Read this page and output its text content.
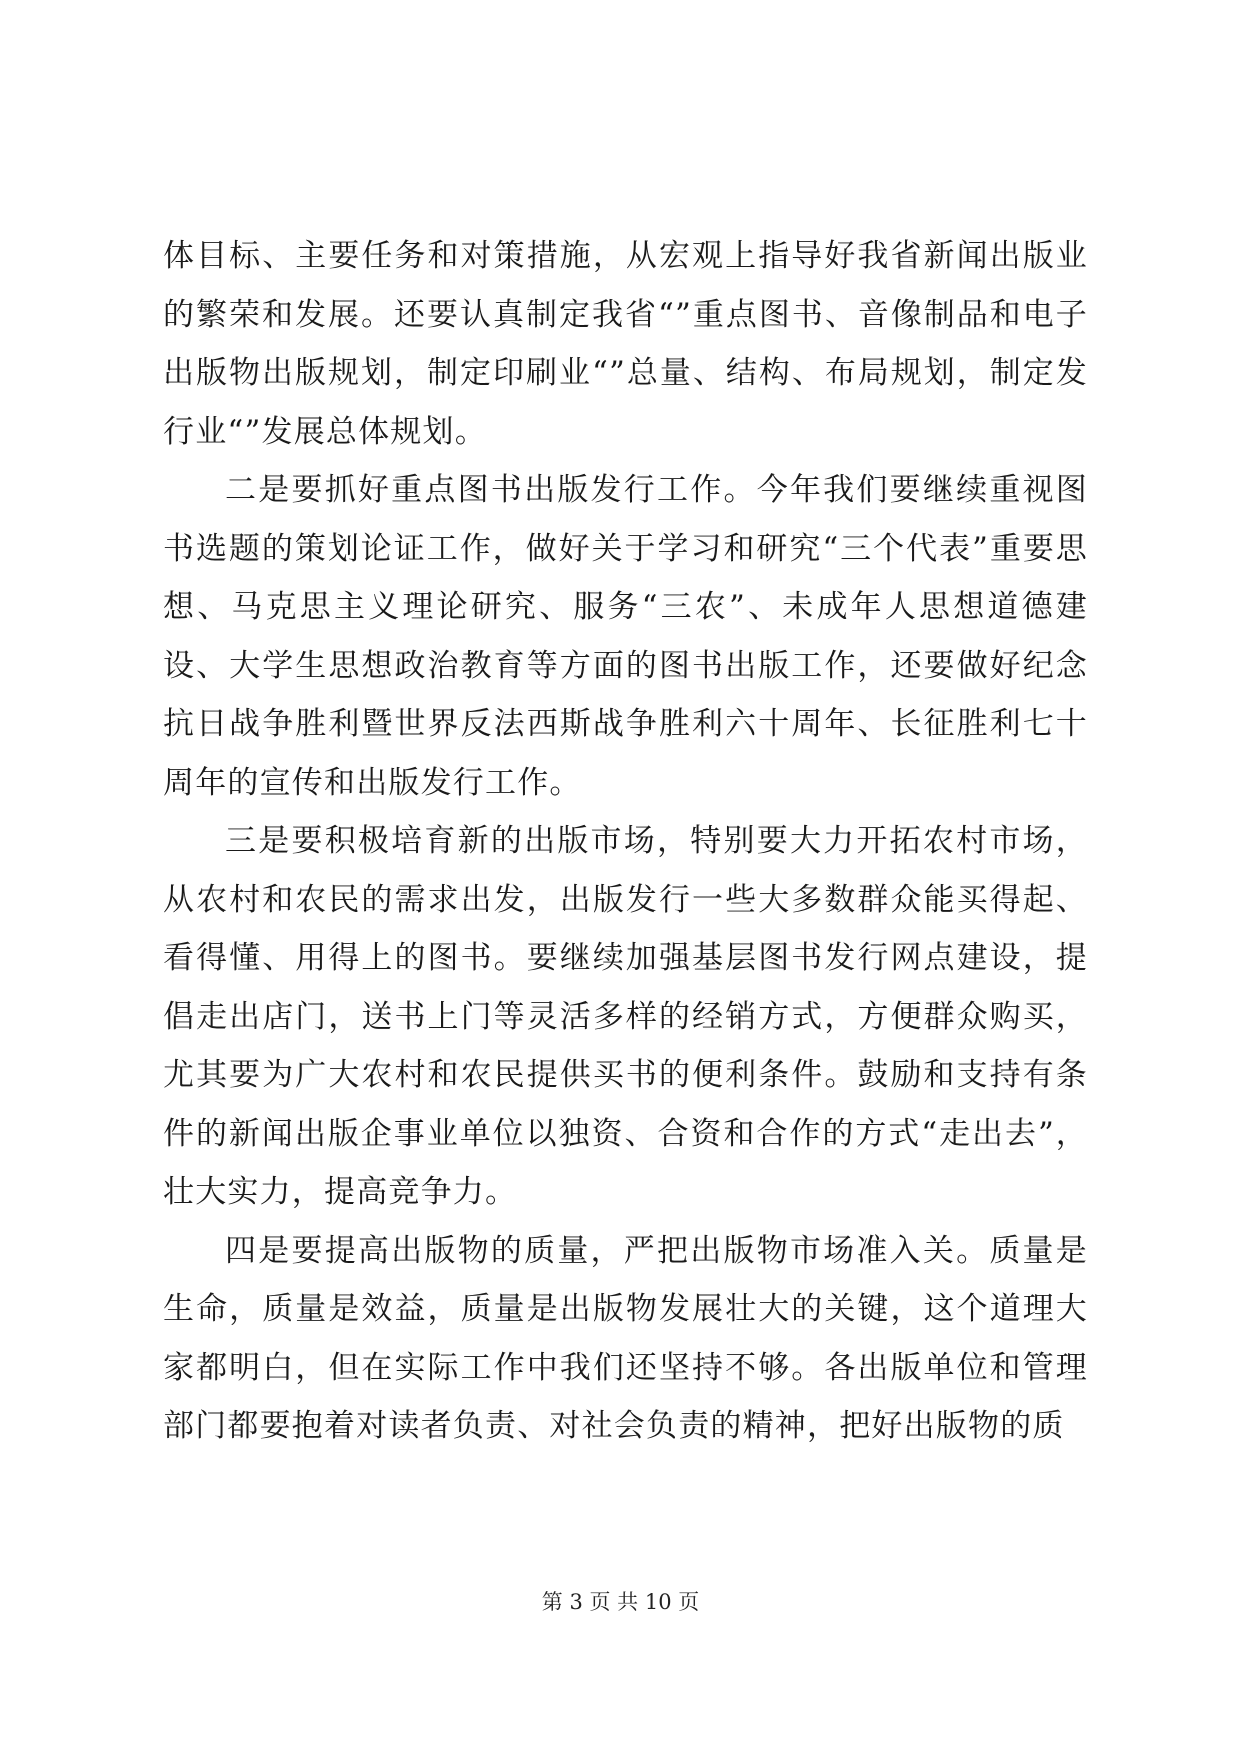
体目标、主要任务和对策措施，从宏观上指导好我省新闻出版业的繁荣和发展。还要认真制定我省“”重点图书、音像制品和电子出版物出版规划，制定印刷业“”总量、结构、布局规划，制定发行业“”发展总体规划。

二是要抓好重点图书出版发行工作。今年我们要继续重视图书选题的策划论证工作，做好关于学习和研究“三个代表”重要思想、马克思主义理论研究、服务“三农”、未成年人思想道德建设、大学生思想政治教育等方面的图书出版工作，还要做好纪念抗日战争胜利暨世界反法西斯战争胜利六十周年、长征胜利七十周年的宣传和出版发行工作。

三是要积极培育新的出版市场，特别要大力开拓农村市场，从农村和农民的需求出发，出版发行一些大多数群众能买得起、看得懂、用得上的图书。要继续加强基层图书发行网点建设，提倡走出店门，送书上门等灵活多样的经销方式，方便群众购买，尤其要为广大农村和农民提供买书的便利条件。鼓励和支持有条件的新闻出版企事业单位以独资、合资和合作的方式“走出去”，壮大实力，提高竞争力。

四是要提高出版物的质量，严把出版物市场准入关。质量是生命，质量是效益，质量是出版物发展壮大的关键，这个道理大家都明白，但在实际工作中我们还坚持不够。各出版单位和管理部门都要抱着对读者负责、对社会负责的精神，把好出版物的质

第 3 页 共 10 页
